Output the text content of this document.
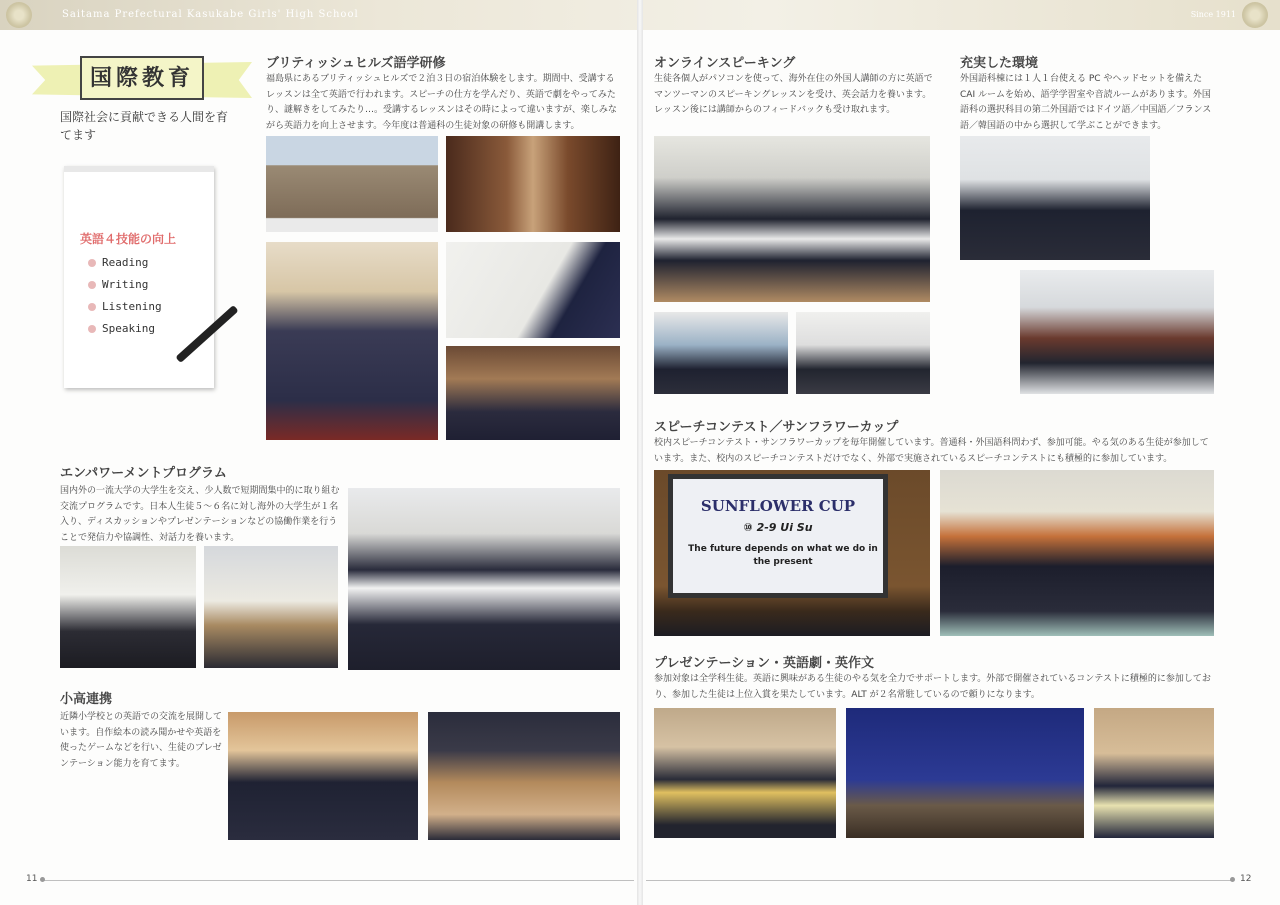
Saitama Prefectural Kasukabe Girls' High School	Since 1911
国際教育
国際社会に貢献できる人間を育てます
英語４技能の向上
Reading
Writing
Listening
Speaking
ブリティッシュヒルズ語学研修
福島県にあるブリティッシュヒルズで２泊３日の宿泊体験をします。期間中、受講するレッスンは全て英語で行われます。スピーチの仕方を学んだり、英語で劇をやってみたり、謎解きをしてみたり…。受講するレッスンはその時によって違いますが、楽しみながら英語力を向上させます。今年度は普通科の生徒対象の研修も開講します。
エンパワーメントプログラム
国内外の一流大学の大学生を交え、少人数で短期間集中的に取り組む交流プログラムです。日本人生徒５～６名に対し海外の大学生が１名入り、ディスカッションやプレゼンテーションなどの協働作業を行うことで発信力や協調性、対話力を養います。
小高連携
近隣小学校との英語での交流を展開しています。自作絵本の読み聞かせや英語を使ったゲームなどを行い、生徒のプレゼンテーション能力を育てます。
11
オンラインスピーキング
生徒各個人がパソコンを使って、海外在住の外国人講師の方に英語でマンツーマンのスピーキングレッスンを受け、英会話力を養います。レッスン後には講師からのフィードバックも受け取れます。
充実した環境
外国語科棟には１人１台使える PC やヘッドセットを備えた CAI ルームを始め、語学学習室や音読ルームがあります。外国語科の選択科目の第二外国語ではドイツ語／中国語／フランス語／韓国語の中から選択して学ぶことができます。
スピーチコンテスト／サンフラワーカップ
校内スピーチコンテスト・サンフラワーカップを毎年開催しています。普通科・外国語科問わず、参加可能。やる気のある生徒が参加しています。また、校内のスピーチコンテストだけでなく、外部で実施されているスピーチコンテストにも積極的に参加しています。
SUNFLOWER CUP
⑩ 2-9 Ui Su
The future depends on what we do in the present
プレゼンテーション・英語劇・英作文
参加対象は全学科生徒。英語に興味がある生徒のやる気を全力でサポートします。外部で開催されているコンテストに積極的に参加しており、参加した生徒は上位入賞を果たしています。ALT が２名常駐しているので頼りになります。
12
